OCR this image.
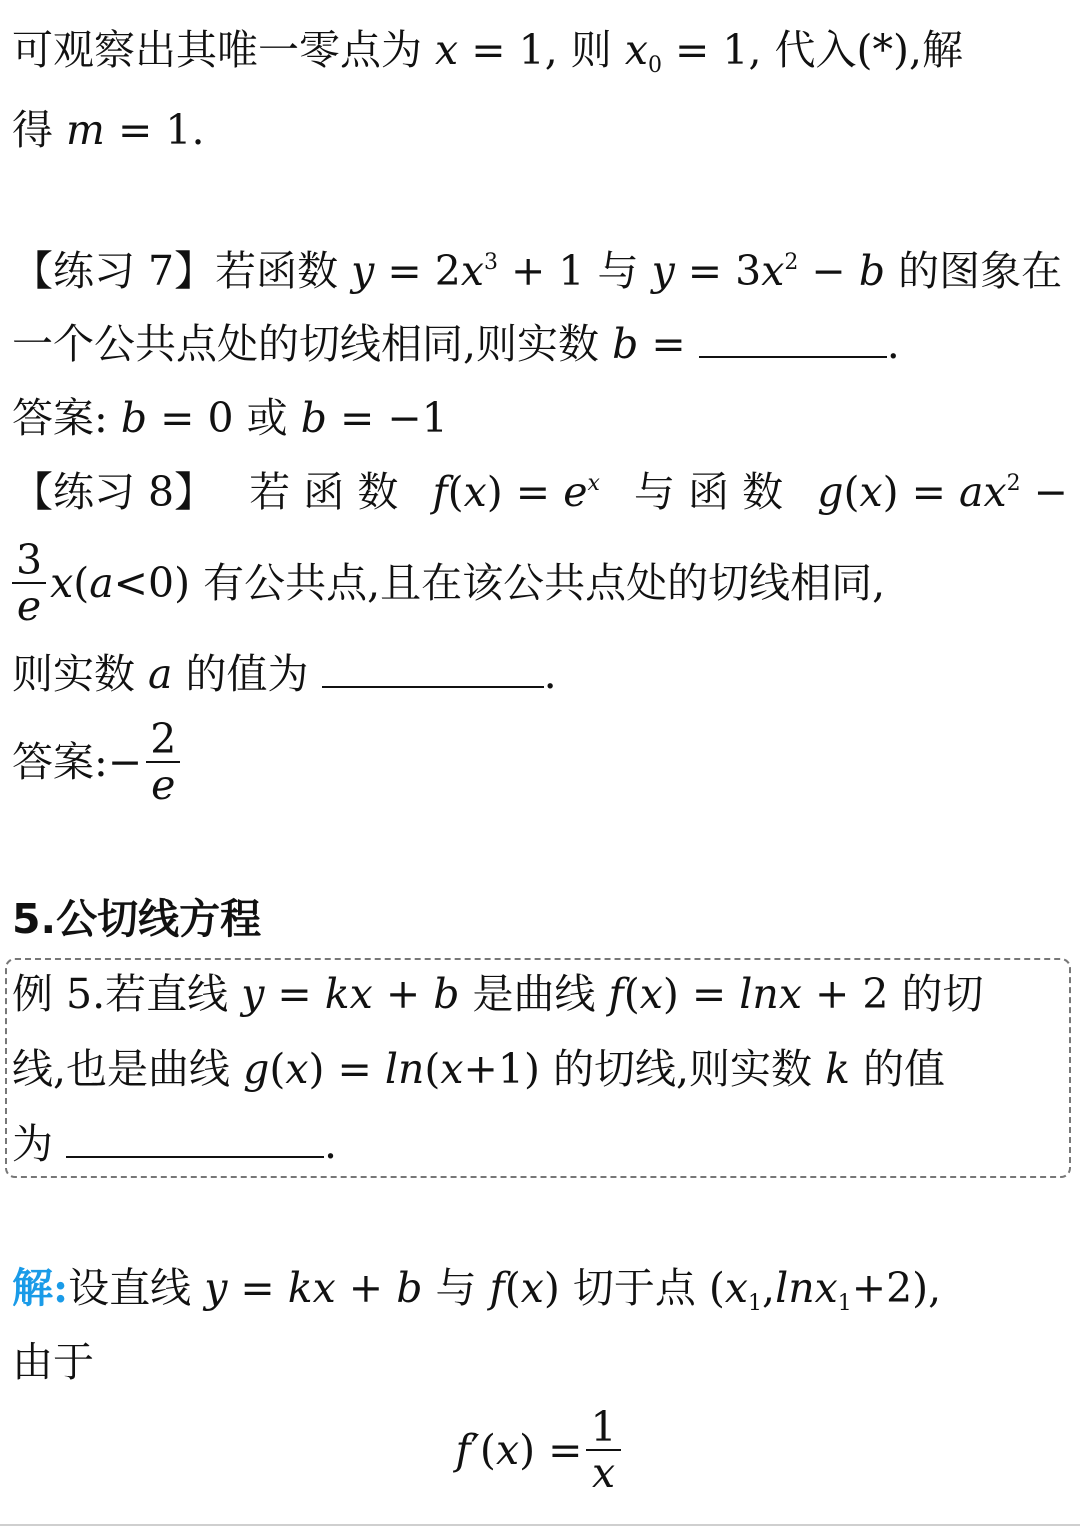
可观察出其唯一零点为 x = 1, 则 $x_0 = 1$, 代入(*),解
得 m = 1.
【练习 7】若函数 $y = 2x^3 + 1$ 与 $y = 3x^2 - b$ 的图象在
一个公共点处的切线相同,则实数 b =	.
答案: b = 0 或 b = −1
【练习 8】 若 函 数 $f(x) = e^x$ 与 函 数 $g(x) = ax^2$ −
$\frac{3}{e} x(a<0)$ 有公共点,且在该公共点处的切线相同,
则实数 a 的值为	.
答案: − $\frac{2}{e}$
5.公切线方程
例 5.若直线 y = kx + b 是曲线 f(x) = lnx + 2 的切
线,也是曲线 g(x) = ln(x+1) 的切线,则实数 k 的值
为	.
解:设直线 y = kx + b 与 f(x) 切于点 $(x_1,\ln x_1+2)$,
由于
$f'(x) = \frac{1}{x}$
